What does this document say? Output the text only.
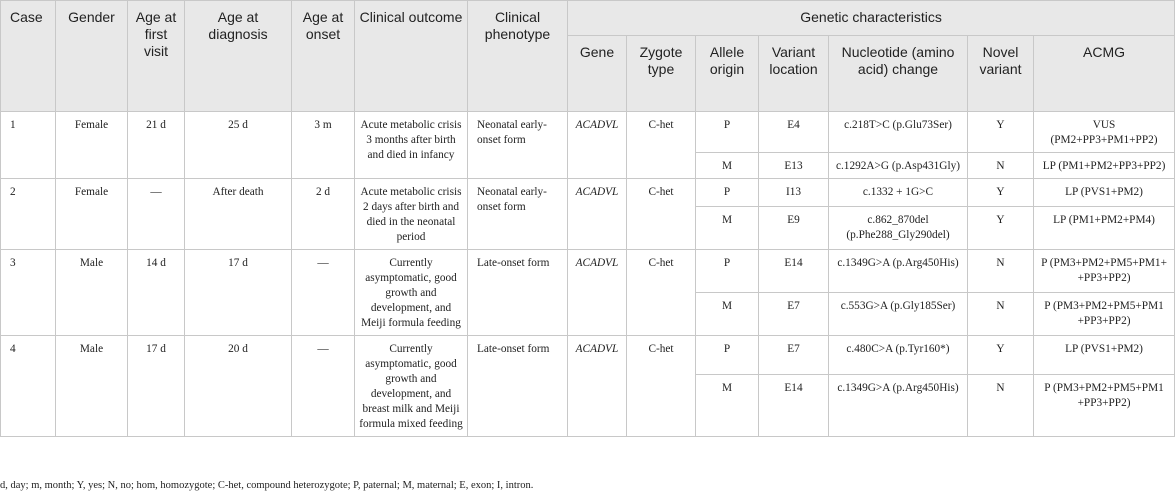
Case	Gender	Age at first visit	Age at diagnosis	Age at onset	Clinical outcome	Clinical phenotype	Genetic characteristics						
							Gene	Zygote type	Allele origin	Variant location	Nucleotide (amino acid) change	Novel variant	ACMG
1	Female	21 d	25 d	3 m	Acute metabolic crisis 3 months after birth and died in infancy	Neonatal early-onset form	ACADVL	C-het	P	E4	c.218T>C (p.Glu73Ser)	Y	VUS (PM2+PP3+PM1+PP2)
									M	E13	c.1292A>G (p.Asp431Gly)	N	LP (PM1+PM2+PP3+PP2)
2	Female	—	After death	2 d	Acute metabolic crisis 2 days after birth and died in the neonatal period	Neonatal early-onset form	ACADVL	C-het	P	I13	c.1332 + 1G>C	Y	LP (PVS1+PM2)
									M	E9	c.862_870del (p.Phe288_Gly290del)	Y	LP (PM1+PM2+PM4)
3	Male	14 d	17 d	—	Currently asymptomatic, good growth and development, and Meiji formula feeding	Late-onset form	ACADVL	C-het	P	E14	c.1349G>A (p.Arg450His)	N	P (PM3+PM2+PM5+PM1+ +PP3+PP2)
									M	E7	c.553G>A (p.Gly185Ser)	N	P (PM3+PM2+PM5+PM1 +PP3+PP2)
4	Male	17 d	20 d	—	Currently asymptomatic, good growth and development, and breast milk and Meiji formula mixed feeding	Late-onset form	ACADVL	C-het	P	E7	c.480C>A (p.Tyr160*)	Y	LP (PVS1+PM2)
									M	E14	c.1349G>A (p.Arg450His)	N	P (PM3+PM2+PM5+PM1 +PP3+PP2)
d, day; m, month; Y, yes; N, no; hom, homozygote; C-het, compound heterozygote; P, paternal; M, maternal; E, exon; I, intron.
